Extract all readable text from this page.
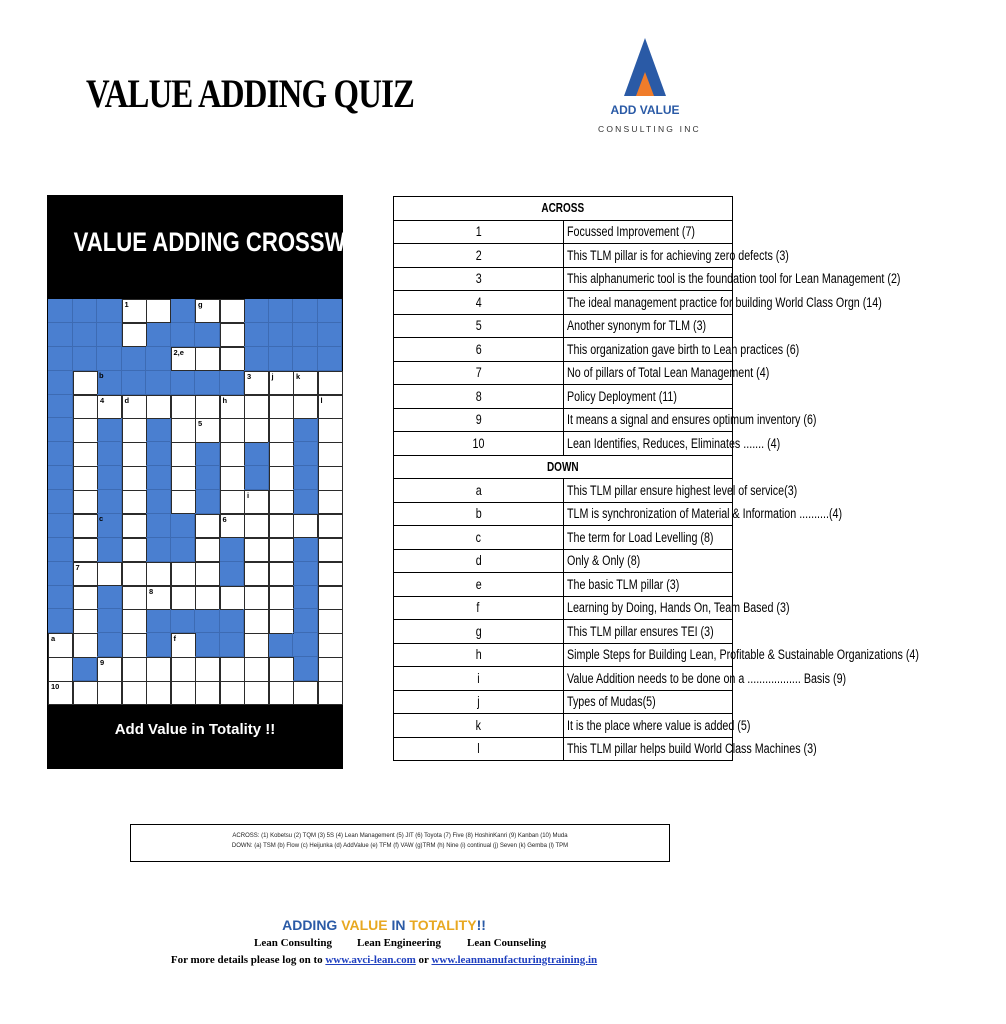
VALUE ADDING QUIZ	ADD VALUE
CONSULTING INC
VALUE ADDING CROSSWORD
1	g
2,e
b	3	j	k
4	d	h	l
5
i
c	6
7
8
a	f
9
10
Add Value in Totality !!
ACROSS	
1	Focussed Improvement (7)
2	This TLM pillar is for achieving zero defects (3)
3	This alphanumeric tool is the foundation tool for Lean Management (2)
4	The ideal management practice for building World Class Orgn (14)
5	Another synonym for TLM (3)
6	This organization gave birth to Lean practices (6)
7	No of pillars of Total Lean Management (4)
8	Policy Deployment (11)
9	It means a signal and ensures optimum inventory (6)
10	Lean Identifies, Reduces, Eliminates ....... (4)
DOWN	
a	This TLM pillar ensure highest level of service(3)
b	TLM is synchronization of Material & Information ..........(4)
c	The term for Load Levelling (8)
d	Only & Only (8)
e	The basic TLM pillar (3)
f	Learning by Doing, Hands On, Team Based (3)
g	This TLM pillar ensures TEI (3)
h	Simple Steps for Building Lean, Profitable & Sustainable Organizations (4)
i	Value Addition needs to be done on a .................. Basis (9)
j	Types of Mudas(5)
k	It is the place where value is added (5)
l	This TLM pillar helps build World Class Machines (3)
ACROSS: (1) Kobetsu (2) TQM (3) 5S (4) Lean Management (5) JIT (6) Toyota (7) Five (8) HoshinKanri (9) Kanban (10) Muda
DOWN: (a) TSM (b) Flow (c) Heijunka (d) AddValue (e) TFM (f) VAW (g)TRM (h) Nine (i) continual (j) Seven (k) Gemba (l) TPM
ADDING VALUE IN TOTALITY!!
Lean Consulting Lean Engineering Lean Counseling
For more details please log on to www.avci-lean.com or www.leanmanufacturingtraining.in
